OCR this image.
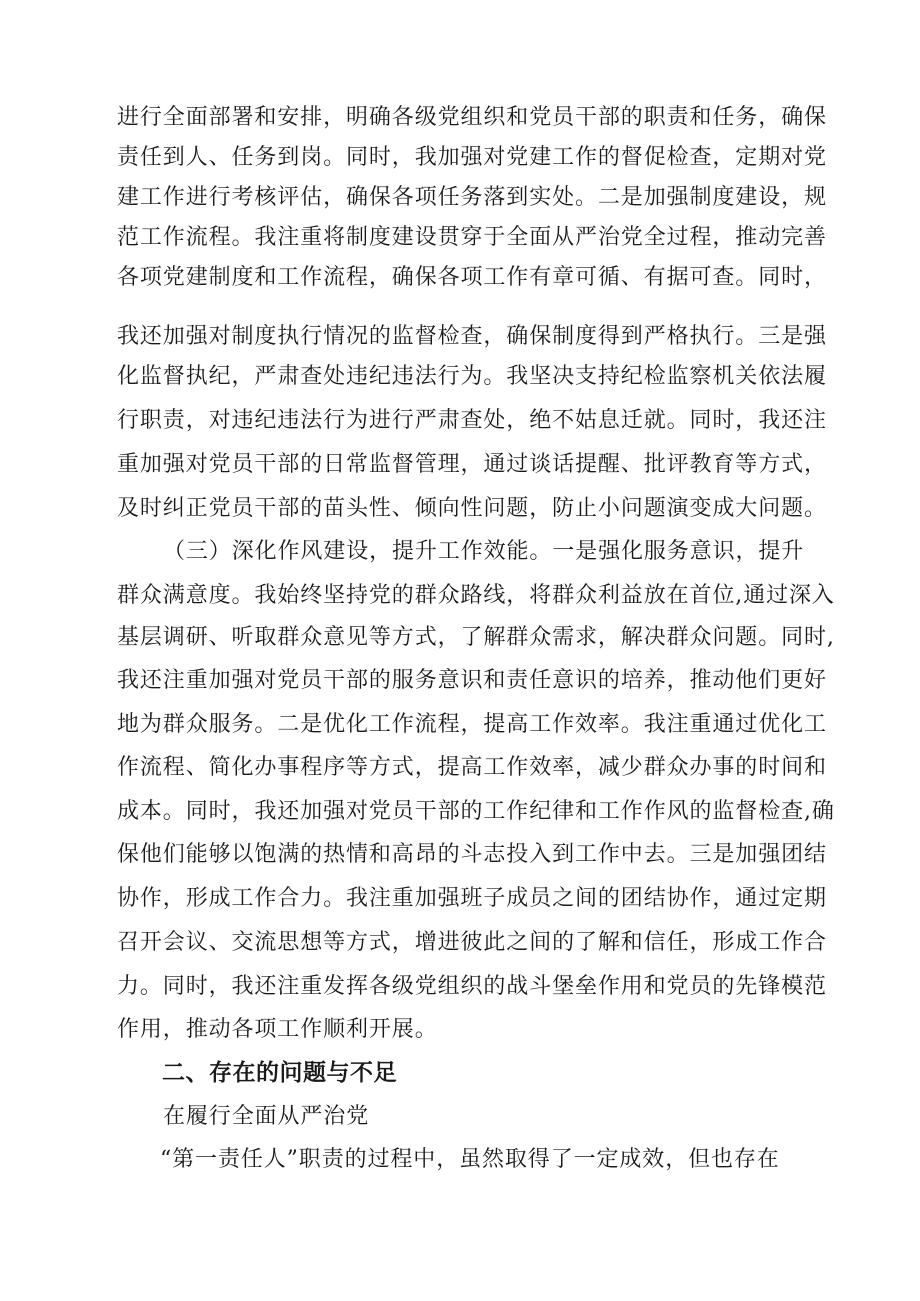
进行全面部署和安排，明确各级党组织和党员干部的职责和任务，确保
责任到人、任务到岗。同时，我加强对党建工作的督促检查，定期对党
建工作进行考核评估，确保各项任务落到实处。二是加强制度建设，规
范工作流程。我注重将制度建设贯穿于全面从严治党全过程，推动完善
各项党建制度和工作流程，确保各项工作有章可循、有据可查。同时，
我还加强对制度执行情况的监督检查，确保制度得到严格执行。三是强
化监督执纪，严肃查处违纪违法行为。我坚决支持纪检监察机关依法履
行职责，对违纪违法行为进行严肃查处，绝不姑息迁就。同时，我还注
重加强对党员干部的日常监督管理，通过谈话提醒、批评教育等方式，
及时纠正党员干部的苗头性、倾向性问题，防止小问题演变成大问题。
（三）深化作风建设，提升工作效能。一是强化服务意识，提升
群众满意度。我始终坚持党的群众路线，将群众利益放在首位,通过深入
基层调研、听取群众意见等方式，了解群众需求，解决群众问题。同时,
我还注重加强对党员干部的服务意识和责任意识的培养，推动他们更好
地为群众服务。二是优化工作流程，提高工作效率。我注重通过优化工
作流程、简化办事程序等方式，提高工作效率，减少群众办事的时间和
成本。同时，我还加强对党员干部的工作纪律和工作作风的监督检查,确
保他们能够以饱满的热情和高昂的斗志投入到工作中去。三是加强团结
协作，形成工作合力。我注重加强班子成员之间的团结协作，通过定期
召开会议、交流思想等方式，增进彼此之间的了解和信任，形成工作合
力。同时，我还注重发挥各级党组织的战斗堡垒作用和党员的先锋模范
作用，推动各项工作顺利开展。
二、存在的问题与不足
在履行全面从严治党
“第一责任人”职责的过程中，虽然取得了一定成效，但也存在
